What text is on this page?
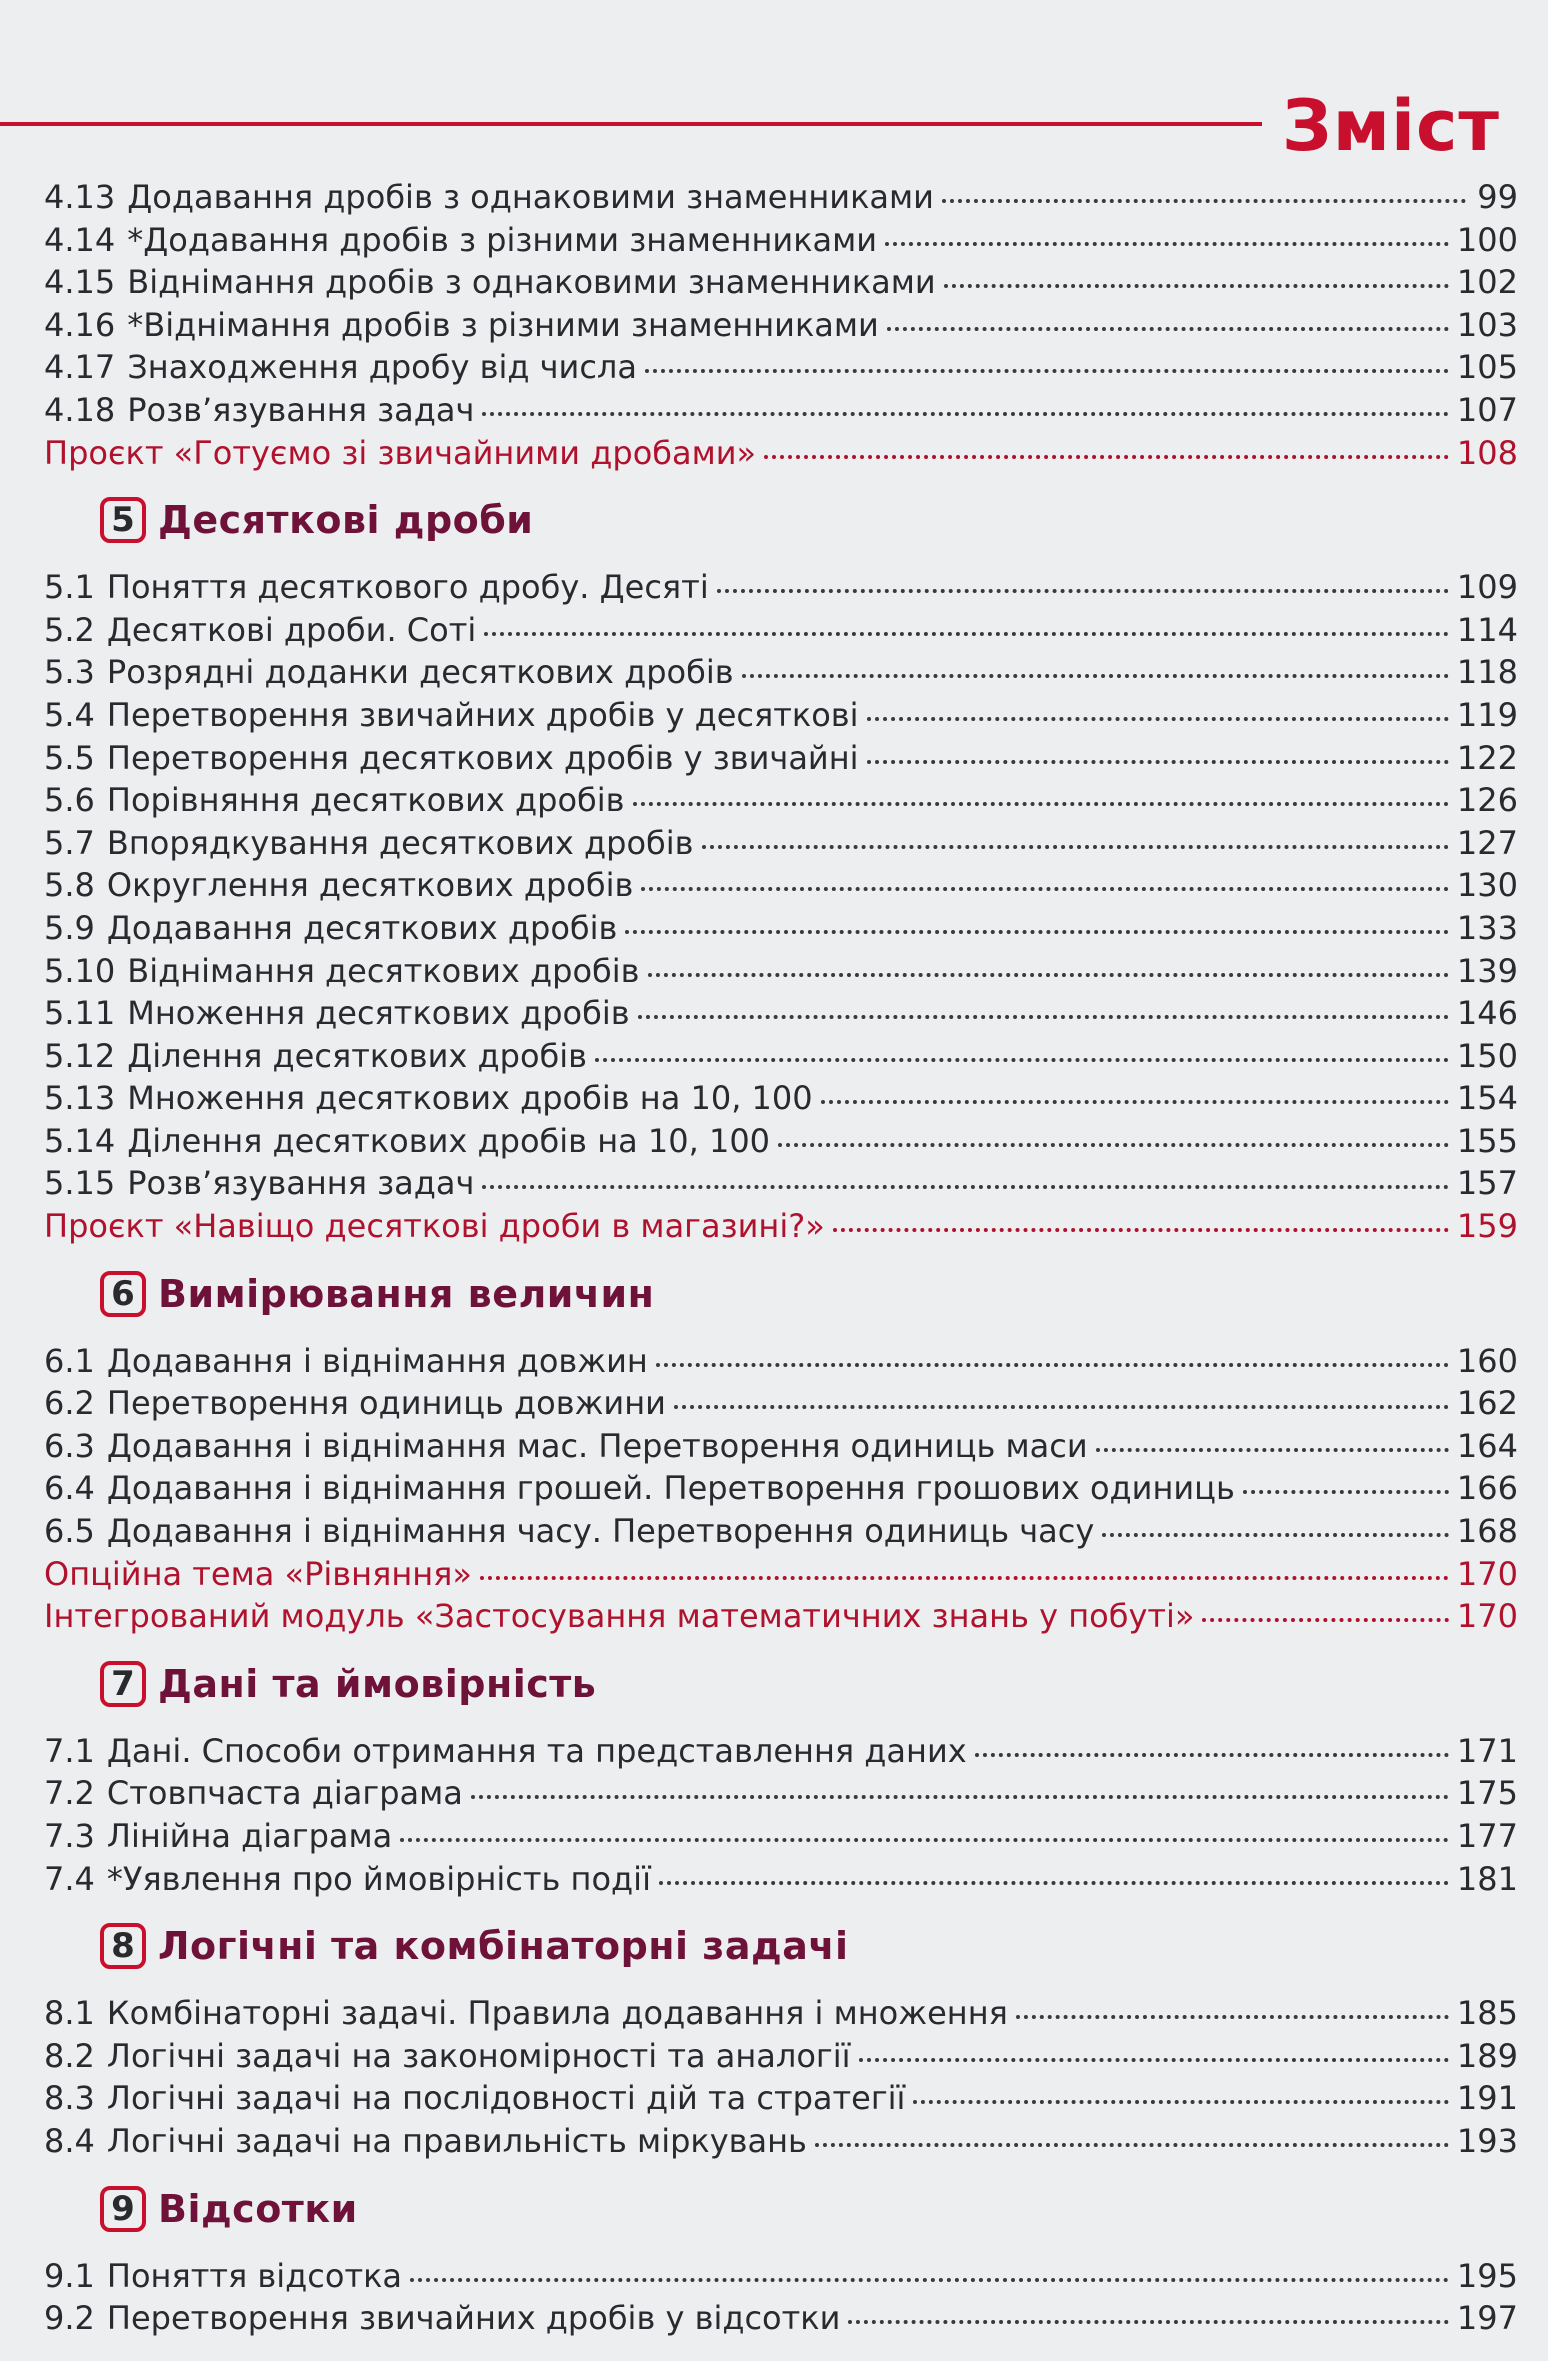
Зміст
4.13 Додавання дробів з однаковими знаменниками	99
4.14 *Додавання дробів з різними знаменниками	100
4.15 Віднімання дробів з однаковими знаменниками	102
4.16 *Віднімання дробів з різними знаменниками	103
4.17 Знаходження дробу від числа	105
4.18 Розв’язування задач	107
Проєкт «Готуємо зі звичайними дробами»	108
5 Десяткові дроби
5.1 Поняття десяткового дробу. Десяті	109
5.2 Десяткові дроби. Соті	114
5.3 Розрядні доданки десяткових дробів	118
5.4 Перетворення звичайних дробів у десяткові	119
5.5 Перетворення десяткових дробів у звичайні	122
5.6 Порівняння десяткових дробів	126
5.7 Впорядкування десяткових дробів	127
5.8 Округлення десяткових дробів	130
5.9 Додавання десяткових дробів	133
5.10 Віднімання десяткових дробів	139
5.11 Множення десяткових дробів	146
5.12 Ділення десяткових дробів	150
5.13 Множення десяткових дробів на 10, 100	154
5.14 Ділення десяткових дробів на 10, 100	155
5.15 Розв’язування задач	157
Проєкт «Навіщо десяткові дроби в магазині?»	159
6 Вимірювання величин
6.1 Додавання і віднімання довжин	160
6.2 Перетворення одиниць довжини	162
6.3 Додавання і віднімання мас. Перетворення одиниць маси	164
6.4 Додавання і віднімання грошей. Перетворення грошових одиниць	166
6.5 Додавання і віднімання часу. Перетворення одиниць часу	168
Опційна тема «Рівняння»	170
Інтегрований модуль «Застосування математичних знань у побуті»	170
7 Дані та ймовірність
7.1 Дані. Способи отримання та представлення даних	171
7.2 Стовпчаста діаграма	175
7.3 Лінійна діаграма	177
7.4 *Уявлення про ймовірність події	181
8 Логічні та комбінаторні задачі
8.1 Комбінаторні задачі. Правила додавання і множення	185
8.2 Логічні задачі на закономірності та аналогії	189
8.3 Логічні задачі на послідовності дій та стратегії	191
8.4 Логічні задачі на правильність міркувань	193
9 Відсотки
9.1 Поняття відсотка	195
9.2 Перетворення звичайних дробів у відсотки	197
